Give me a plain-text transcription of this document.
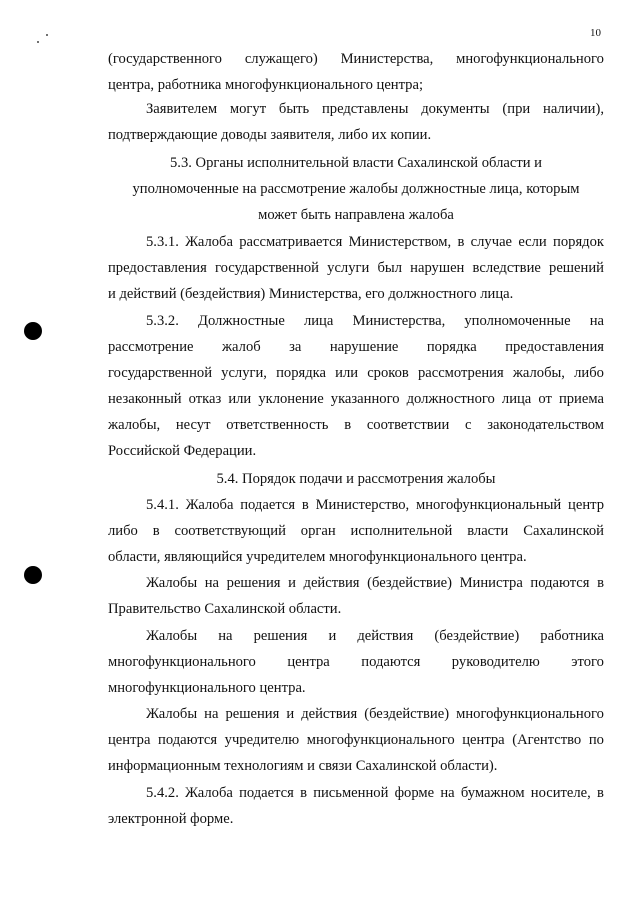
10
(государственного служащего) Министерства, многофункционального
центра, работника многофункционального центра;
Заявителем могут быть представлены документы (при наличии),
подтверждающие доводы заявителя, либо их копии.
5.3. Органы исполнительной власти Сахалинской области и
уполномоченные на рассмотрение жалобы должностные лица, которым
может быть направлена жалоба
5.3.1. Жалоба рассматривается Министерством, в случае если порядок
предоставления государственной услуги был нарушен вследствие решений
и действий (бездействия) Министерства, его должностного лица.
5.3.2. Должностные лица Министерства, уполномоченные на
рассмотрение жалоб за нарушение порядка предоставления
государственной услуги, порядка или сроков рассмотрения жалобы, либо
незаконный отказ или уклонение указанного должностного лица от приема
жалобы, несут ответственность в соответствии с законодательством
Российской Федерации.
5.4. Порядок подачи и рассмотрения жалобы
5.4.1. Жалоба подается в Министерство, многофункциональный центр
либо в соответствующий орган исполнительной власти Сахалинской
области, являющийся учредителем многофункционального центра.
Жалобы на решения и действия (бездействие) Министра подаются в
Правительство Сахалинской области.
Жалобы на решения и действия (бездействие) работника
многофункционального центра подаются руководителю этого
многофункционального центра.
Жалобы на решения и действия (бездействие) многофункционального
центра подаются учредителю многофункционального центра (Агентство по
информационным технологиям и связи Сахалинской области).
5.4.2. Жалоба подается в письменной форме на бумажном носителе, в
электронной форме.
